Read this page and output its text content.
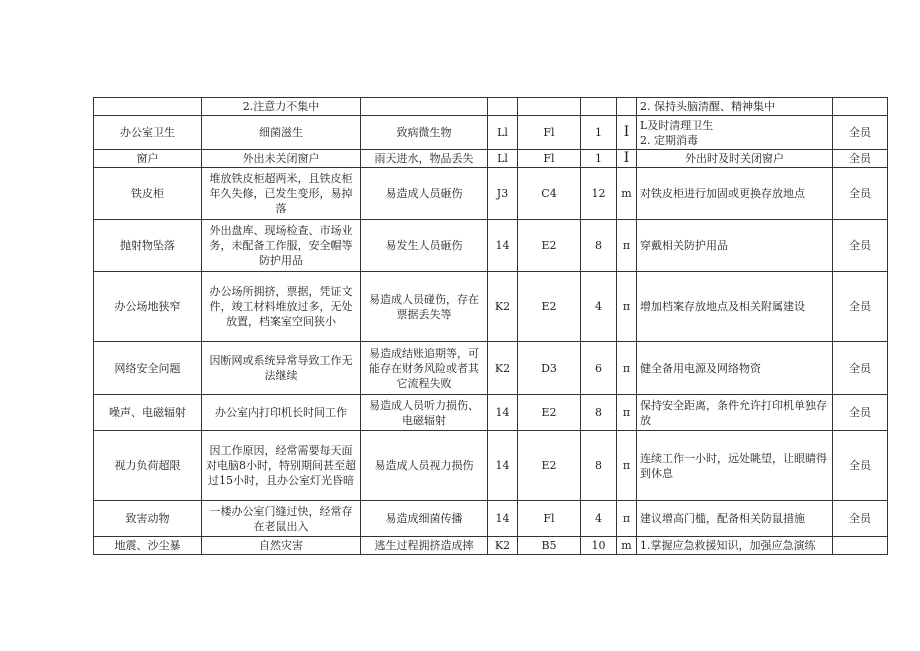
	2.注意力不集中						2. 保持头脑清醒、精神集中	

办公室卫生	细菌滋生	致病微生物	Ll	Fl	1	I	L及时清理卫生
2. 定期消毒	全员
窗户	外出未关闭窗户	雨天进水，物品丢失	Ll	Fl	1	I	外出时及时关闭窗户	全员
铁皮柜	堆放铁皮柜超两米，且铁皮柜年久失修，已发生变形，易掉落	易造成人员砸伤	J3	C4	12	m	对铁皮柜进行加固或更换存放地点	全员
抛射物坠落	外出盘库、现场检查、市场业务，未配备工作服，安全帽等防护用品	易发生人员砸伤	14	E2	8	π	穿戴相关防护用品	全员
办公场地狭窄	办公场所拥挤，票据，凭证文件，竣工材料堆放过多，无处放置，档案室空间狭小	易造成人员碰伤，存在票据丢失等	K2	E2	4	π	增加档案存放地点及相关附属建设	全员
网络安全问题	因断网或系统异常导致工作无法继续	易造成结账追期等，可能存在财务风险或者其它流程失败	K2	D3	6	π	健全备用电源及网络物资	全员
噪声、电磁辐射	办公室内打印机长时间工作	易造成人员听力损伤、电磁辐射	14	E2	8	π	保持安全距离，条件允许打印机单独存放	全员
视力负荷超限	因工作原因，经常需要每天面对电脑8小时，特别期间甚至超过15小时，且办公室灯光昏暗	易造成人员视力损伤	14	E2	8	π	连续工作一小时，远处眺望，让眼睛得到休息	全员
致害动物	一楼办公室门缝过快，经常存在老鼠出入	易造成细菌传播	14	Fl	4	π	建议增高门槛，配备相关防鼠措施	全员
地震、沙尘暴	自然灾害	逃生过程拥挤造成摔	K2	B5	10	m	1.掌握应急救援知识，加强应急演练	
